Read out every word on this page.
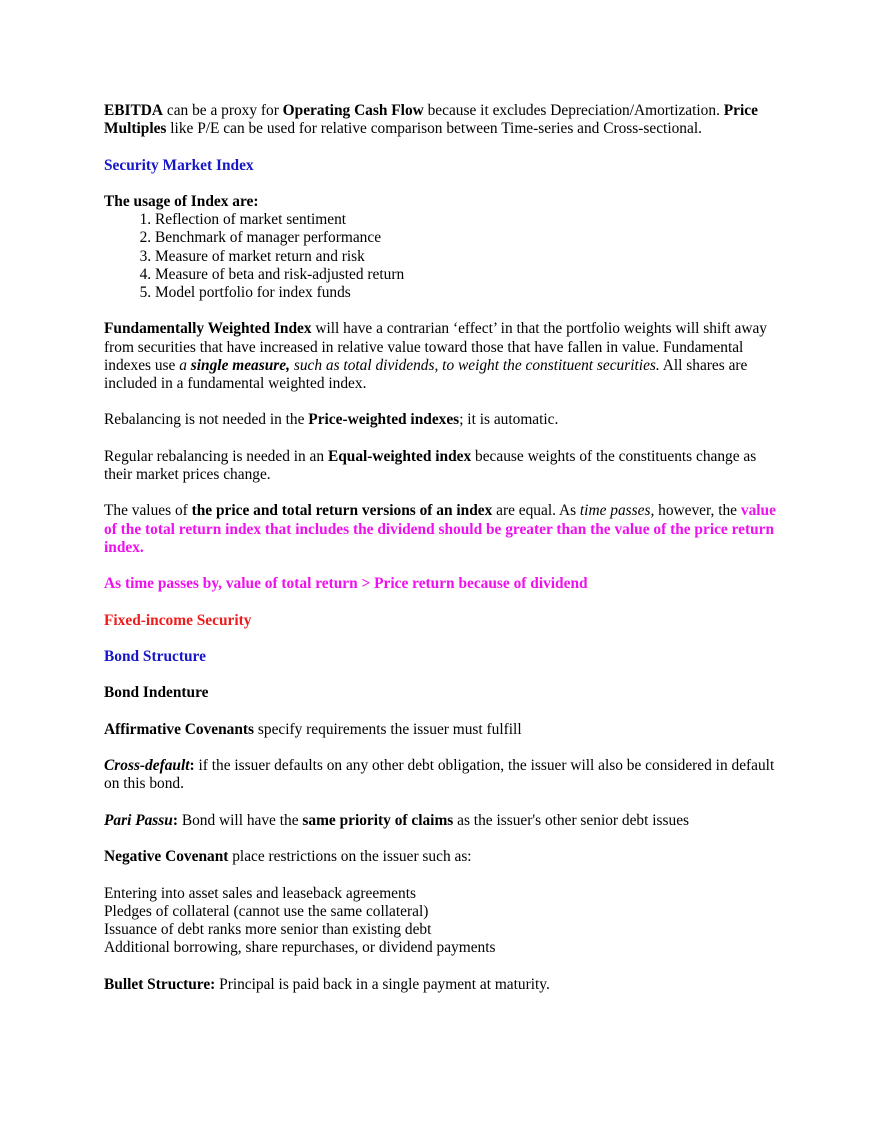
EBITDA can be a proxy for Operating Cash Flow because it excludes Depreciation/Amortization. Price Multiples like P/E can be used for relative comparison between Time-series and Cross-sectional.

Security Market Index

The usage of Index are:
1. Reflection of market sentiment
2. Benchmark of manager performance
3. Measure of market return and risk
4. Measure of beta and risk-adjusted return
5. Model portfolio for index funds

Fundamentally Weighted Index will have a contrarian ‘effect’ in that the portfolio weights will shift away from securities that have increased in relative value toward those that have fallen in value. Fundamental indexes use a single measure, such as total dividends, to weight the constituent securities. All shares are included in a fundamental weighted index.

Rebalancing is not needed in the Price-weighted indexes; it is automatic.

Regular rebalancing is needed in an Equal-weighted index because weights of the constituents change as their market prices change.

The values of the price and total return versions of an index are equal. As time passes, however, the value of the total return index that includes the dividend should be greater than the value of the price return index.

As time passes by, value of total return > Price return because of dividend

Fixed-income Security

Bond Structure

Bond Indenture

Affirmative Covenants specify requirements the issuer must fulfill

Cross-default: if the issuer defaults on any other debt obligation, the issuer will also be considered in default on this bond.

Pari Passu: Bond will have the same priority of claims as the issuer's other senior debt issues

Negative Covenant place restrictions on the issuer such as:

Entering into asset sales and leaseback agreements
Pledges of collateral (cannot use the same collateral)
Issuance of debt ranks more senior than existing debt
Additional borrowing, share repurchases, or dividend payments

Bullet Structure: Principal is paid back in a single payment at maturity.
